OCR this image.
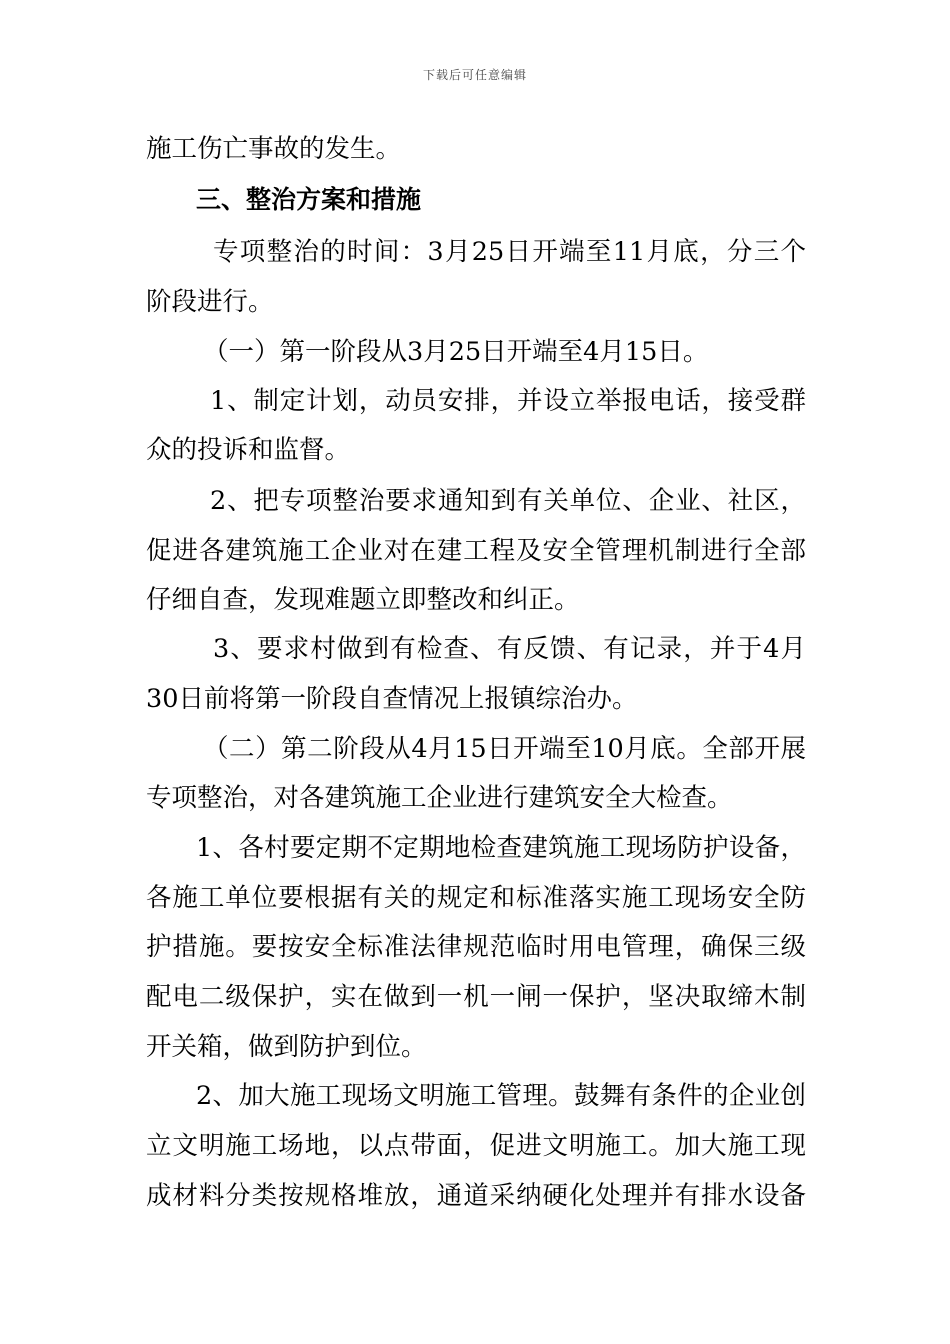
下载后可任意编辑
施工伤亡事故的发生。
三、整治方案和措施
专项整治的时间：3月25日开端至11月底，分三个
阶段进行。
（一）第一阶段从3月25日开端至4月15日。
1、制定计划，动员安排，并设立举报电话，接受群
众的投诉和监督。
2、把专项整治要求通知到有关单位、企业、社区，
促进各建筑施工企业对在建工程及安全管理机制进行全部
仔细自查，发现难题立即整改和纠正。
3、要求村做到有检查、有反馈、有记录，并于4月
30日前将第一阶段自查情况上报镇综治办。
（二）第二阶段从4月15日开端至10月底。全部开展
专项整治，对各建筑施工企业进行建筑安全大检查。
1、各村要定期不定期地检查建筑施工现场防护设备，
各施工单位要根据有关的规定和标准落实施工现场安全防
护措施。要按安全标准法律规范临时用电管理，确保三级
配电二级保护，实在做到一机一闸一保护，坚决取缔木制
开关箱，做到防护到位。
2、加大施工现场文明施工管理。鼓舞有条件的企业创
立文明施工场地，以点带面，促进文明施工。加大施工现
成材料分类按规格堆放，通道采纳硬化处理并有排水设备
